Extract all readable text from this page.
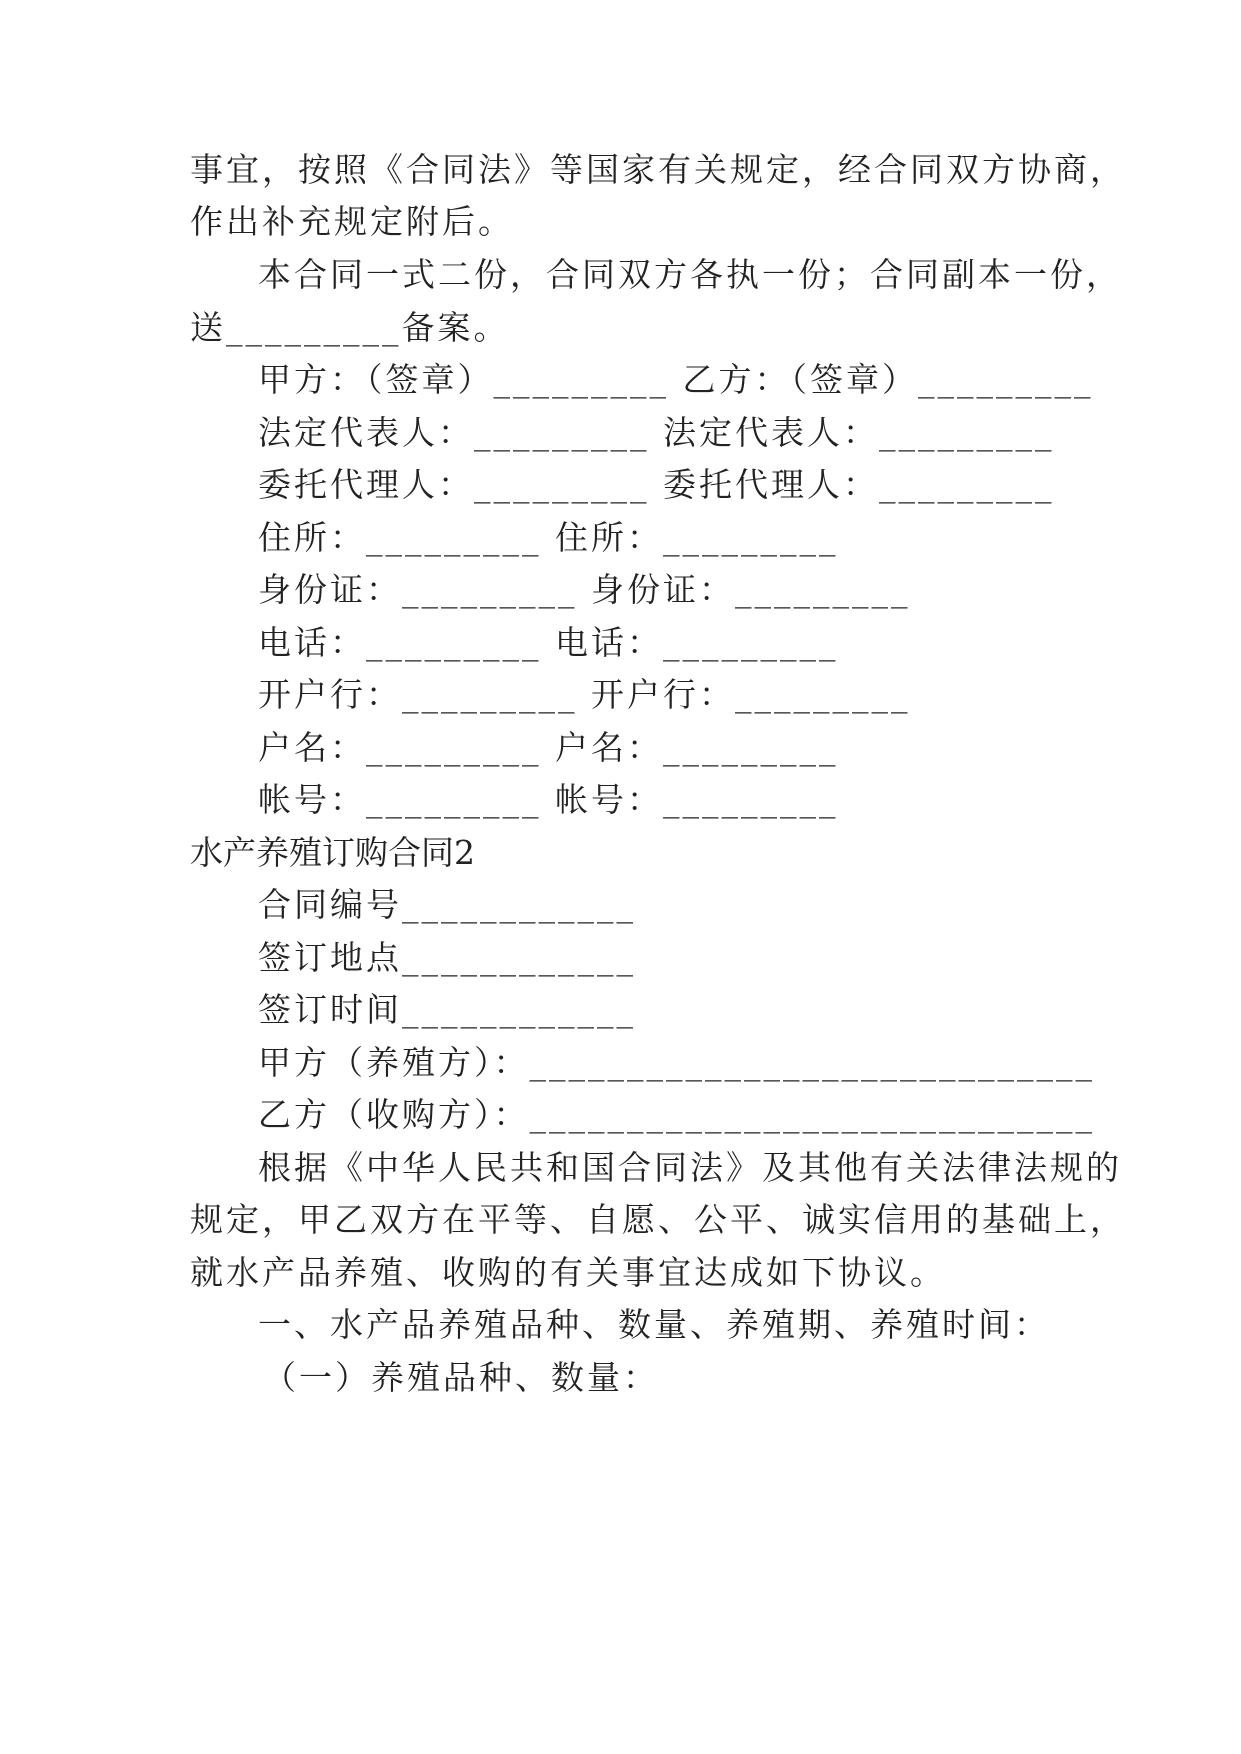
事宜，按照《合同法》等国家有关规定，经合同双方协商，
作出补充规定附后。
本合同一式二份，合同双方各执一份；合同副本一份，
送_________备案。
甲方：（签章）_________ 乙方：（签章）_________
法定代表人：_________ 法定代表人：_________
委托代理人：_________ 委托代理人：_________
住所：_________ 住所：_________
身份证：_________ 身份证：_________
电话：_________ 电话：_________
开户行：_________ 开户行：_________
户名：_________ 户名：_________
帐号：_________ 帐号：_________
水产养殖订购合同2
合同编号____________
签订地点____________
签订时间____________
甲方（养殖方）：_____________________________
乙方（收购方）：_____________________________
根据《中华人民共和国合同法》及其他有关法律法规的
规定，甲乙双方在平等、自愿、公平、诚实信用的基础上，
就水产品养殖、收购的有关事宜达成如下协议。
一、水产品养殖品种、数量、养殖期、养殖时间：
（一）养殖品种、数量：
